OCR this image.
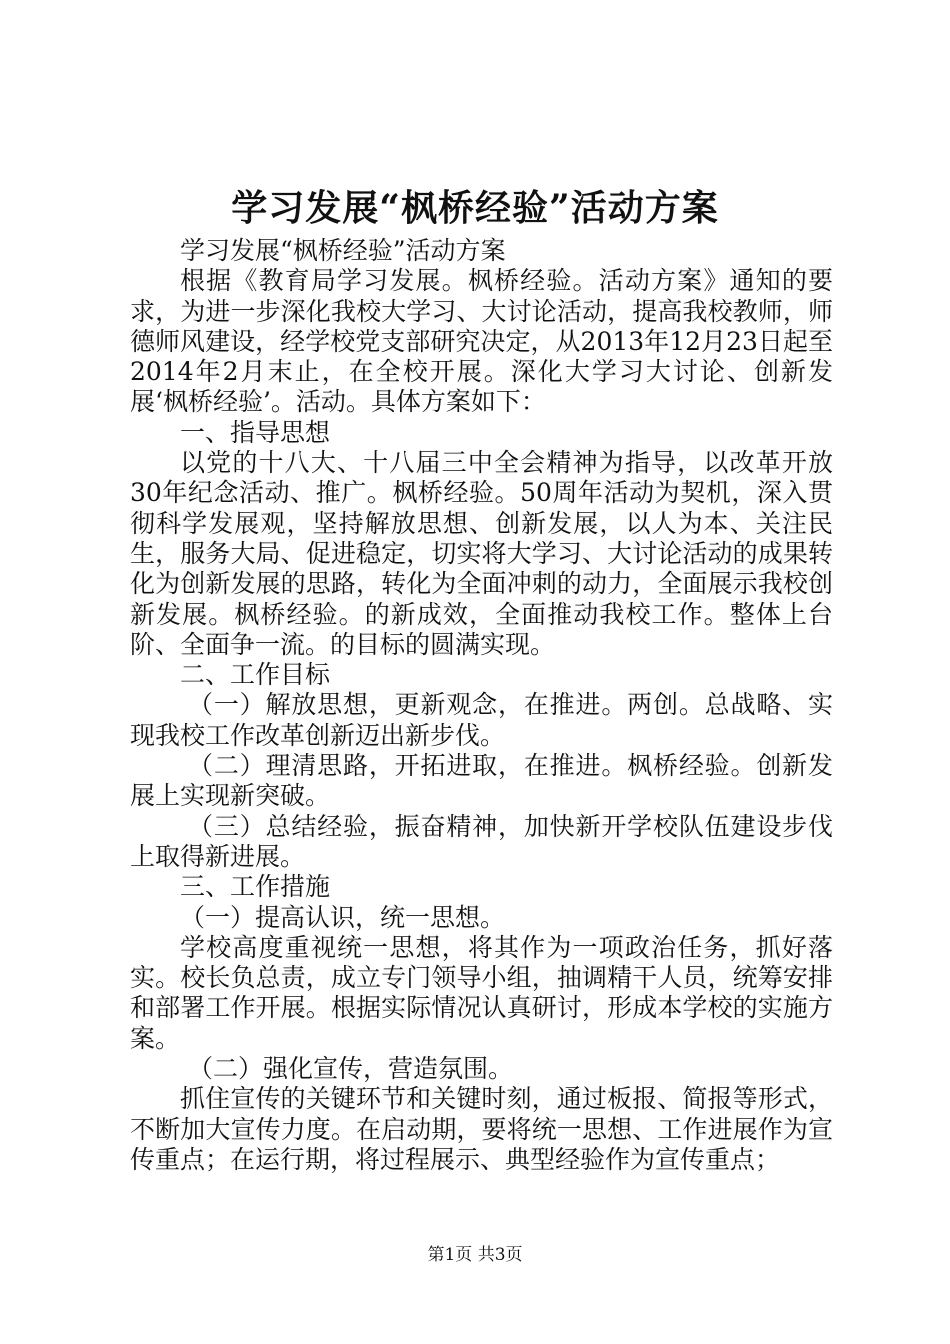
学习发展“枫桥经验”活动方案

学习发展“枫桥经验”活动方案

根据《教育局学习发展。枫桥经验。活动方案》通知的要求，为进一步深化我校大学习、大讨论活动，提高我校教师，师德师风建设，经学校党支部研究决定，从2013年12月23日起至2014年2月末止，在全校开展。深化大学习大讨论、创新发展‘枫桥经验’。活动。具体方案如下：

一、指导思想

以党的十八大、十八届三中全会精神为指导，以改革开放30年纪念活动、推广。枫桥经验。50周年活动为契机，深入贯彻科学发展观，坚持解放思想、创新发展，以人为本、关注民生，服务大局、促进稳定，切实将大学习、大讨论活动的成果转化为创新发展的思路，转化为全面冲刺的动力，全面展示我校创新发展。枫桥经验。的新成效，全面推动我校工作。整体上台阶、全面争一流。的目标的圆满实现。

二、工作目标

（一）解放思想，更新观念，在推进。两创。总战略、实现我校工作改革创新迈出新步伐。

（二）理清思路，开拓进取，在推进。枫桥经验。创新发展上实现新突破。

（三）总结经验，振奋精神，加快新开学校队伍建设步伐上取得新进展。

三、工作措施

（一）提高认识，统一思想。

学校高度重视统一思想，将其作为一项政治任务，抓好落实。校长负总责，成立专门领导小组，抽调精干人员，统筹安排和部署工作开展。根据实际情况认真研讨，形成本学校的实施方案。

（二）强化宣传，营造氛围。

抓住宣传的关键环节和关键时刻，通过板报、简报等形式，不断加大宣传力度。在启动期，要将统一思想、工作进展作为宣传重点；在运行期，将过程展示、典型经验作为宣传重点；

第1页 共3页
